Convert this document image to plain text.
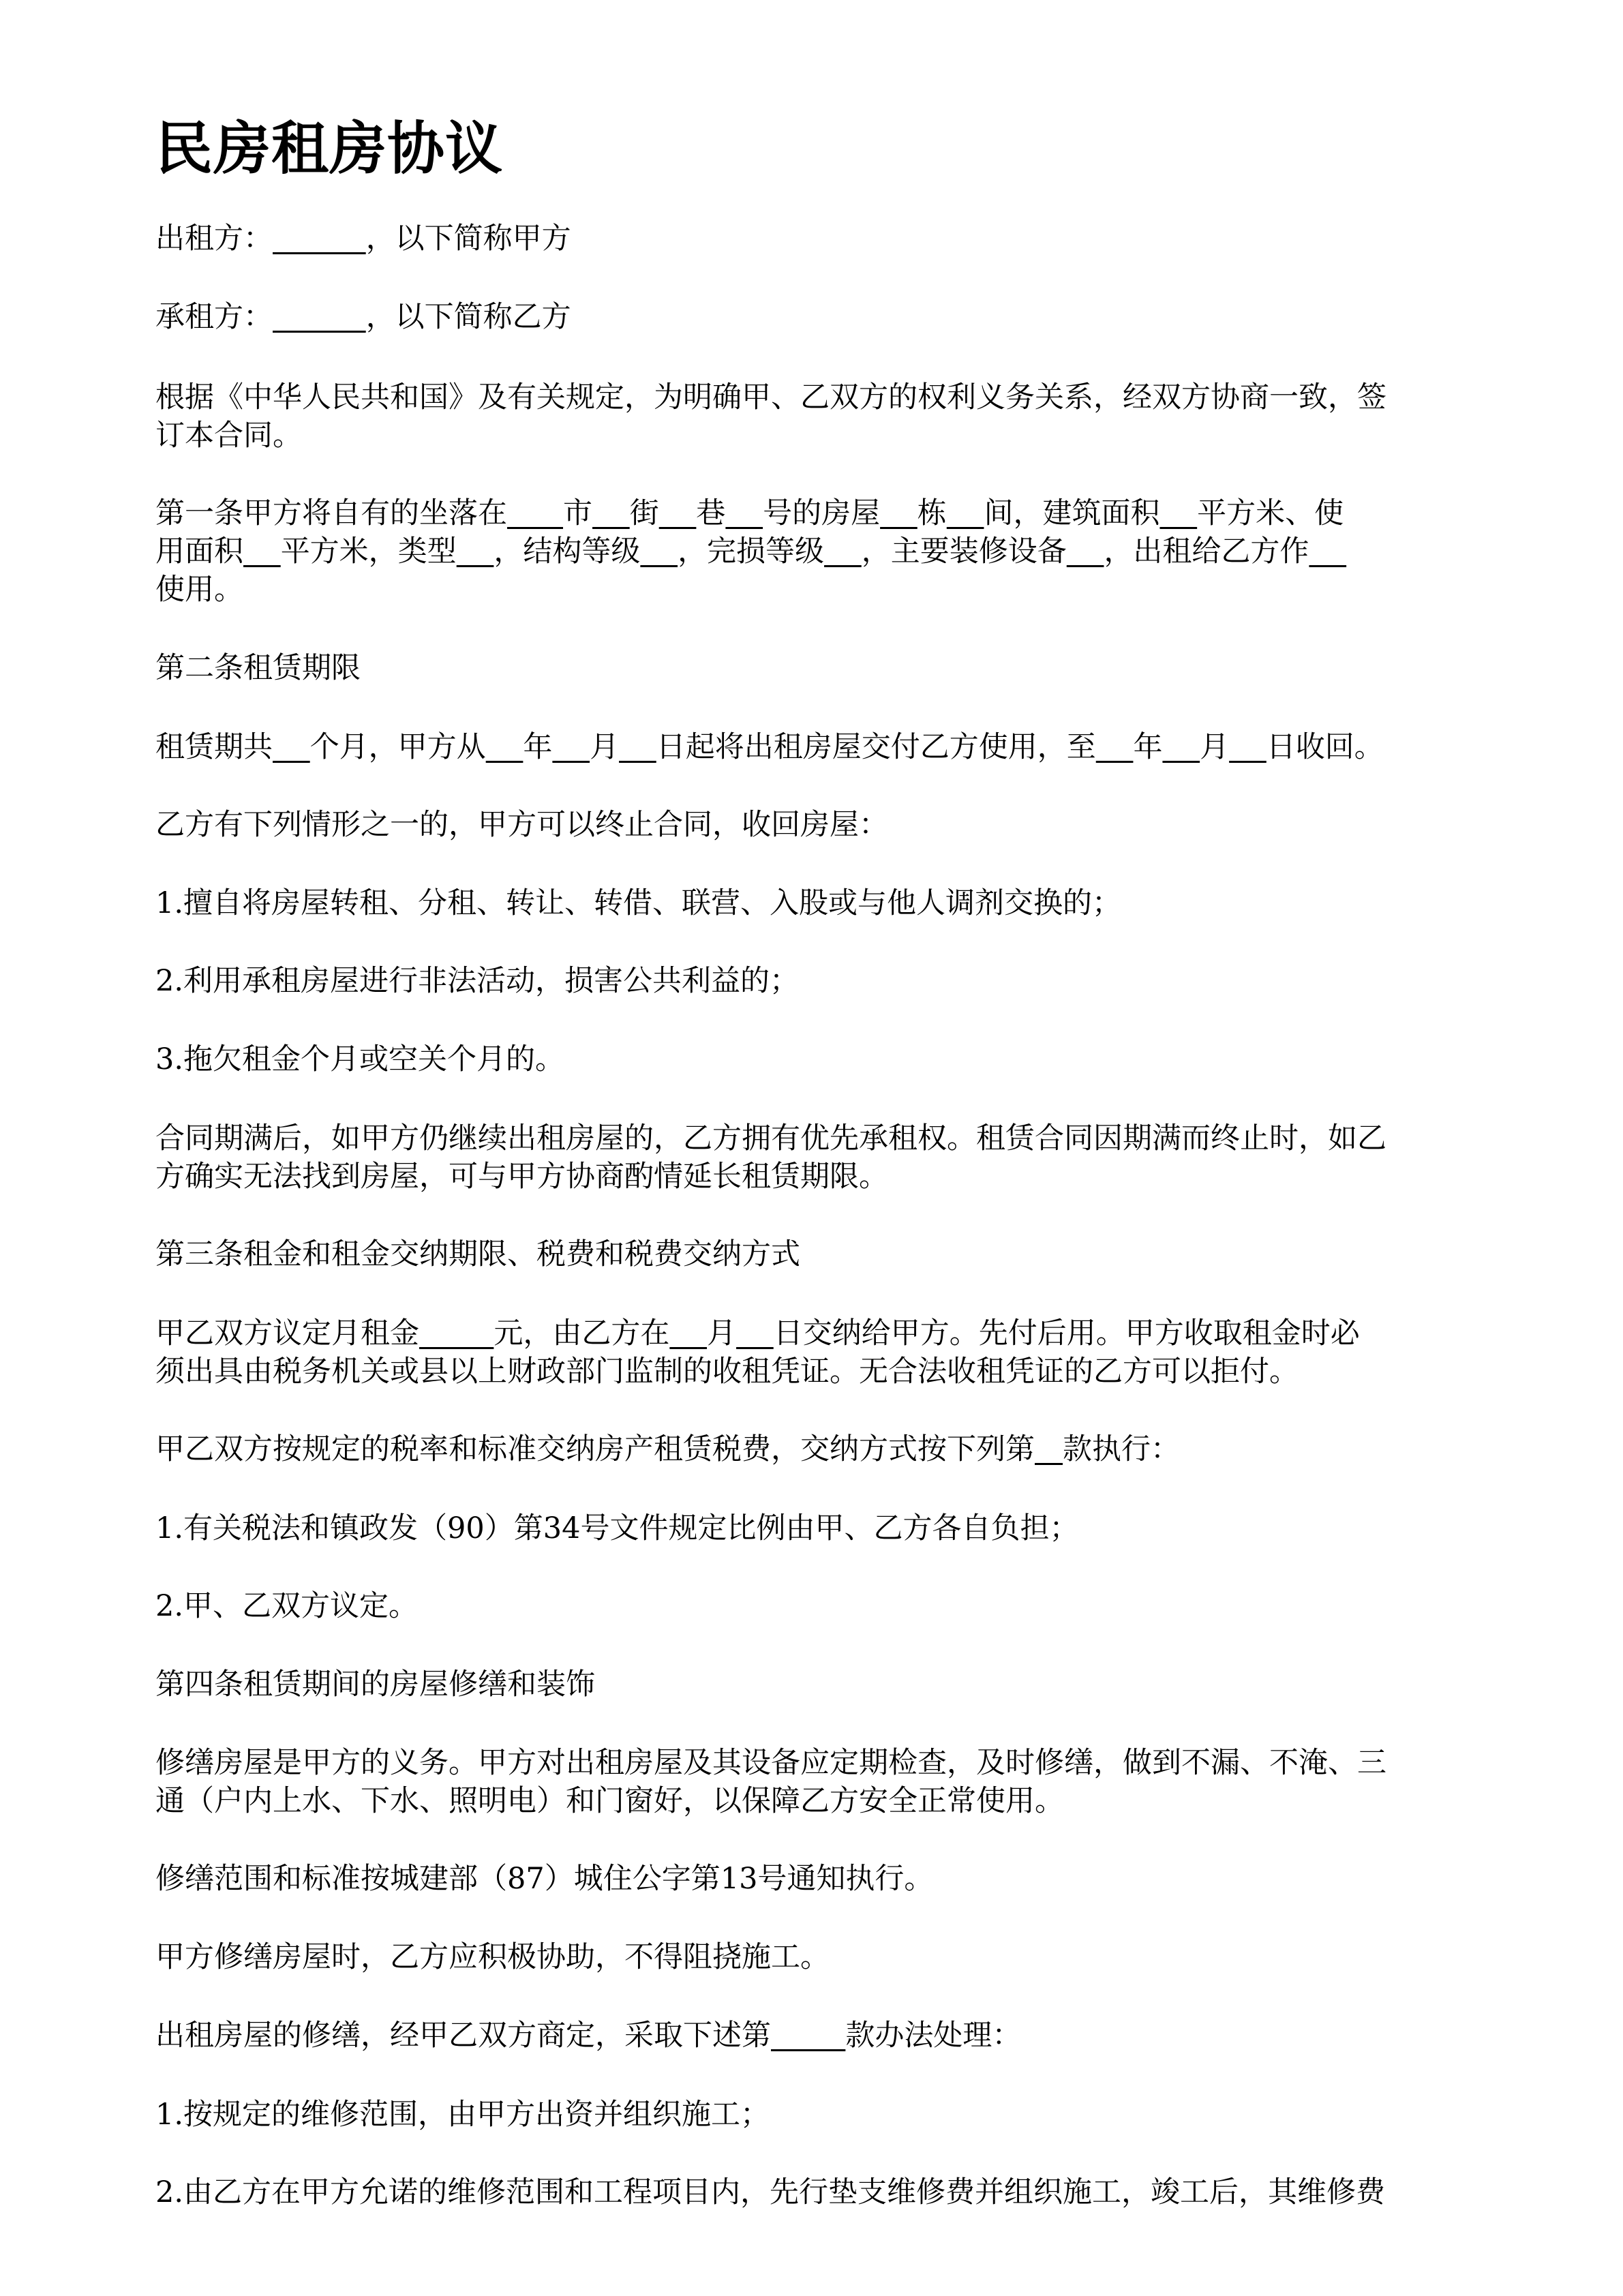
民房租房协议

出租方：	，以下简称甲方

承租方：	，以下简称乙方

根据《中华人民共和国》及有关规定，为明确甲、乙双方的权利义务关系，经双方协商一致，签

订本合同。

第一条甲方将自有的坐落在 市 街 巷 号的房屋 栋 间，建筑面积 平方米、使

用面积 平方米，类型 ，结构等级 ，完损等级 ，主要装修设备 ，出租给乙方作

使用。

第二条租赁期限

租赁期共 个月，甲方从 年 月 日起将出租房屋交付乙方使用，至 年 月 日收回。

乙方有下列情形之一的，甲方可以终止合同，收回房屋：

1.擅自将房屋转租、分租、转让、转借、联营、入股或与他人调剂交换的；

2.利用承租房屋进行非法活动，损害公共利益的；

3.拖欠租金个月或空关个月的。

合同期满后，如甲方仍继续出租房屋的，乙方拥有优先承租权。租赁合同因期满而终止时，如乙

方确实无法找到房屋，可与甲方协商酌情延长租赁期限。

第三条租金和租金交纳期限、税费和税费交纳方式

甲乙双方议定月租金	元，由乙方在 月 日交纳给甲方。先付后用。甲方收取租金时必

须出具由税务机关或县以上财政部门监制的收租凭证。无合法收租凭证的乙方可以拒付。

甲乙双方按规定的税率和标准交纳房产租赁税费，交纳方式按下列第 款执行：

1.有关税法和镇政发（90）第34号文件规定比例由甲、乙方各自负担；

2.甲、乙双方议定。

第四条租赁期间的房屋修缮和装饰

修缮房屋是甲方的义务。甲方对出租房屋及其设备应定期检查，及时修缮，做到不漏、不淹、三

通（户内上水、下水、照明电）和门窗好，以保障乙方安全正常使用。

修缮范围和标准按城建部（87）城住公字第13号通知执行。

甲方修缮房屋时，乙方应积极协助，不得阻挠施工。

出租房屋的修缮，经甲乙双方商定，采取下述第	款办法处理：

1.按规定的维修范围，由甲方出资并组织施工；

2.由乙方在甲方允诺的维修范围和工程项目内，先行垫支维修费并组织施工，竣工后，其维修费
